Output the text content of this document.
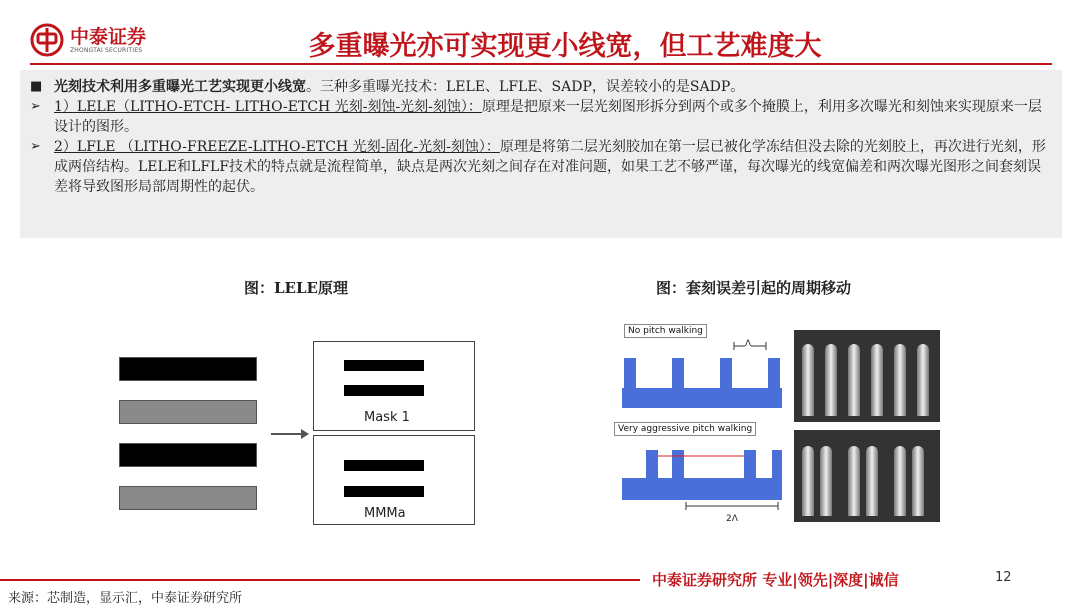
中泰证券
ZHONGTAI SECURITIES	多重曝光亦可实现更小线宽，但工艺难度大
■ 光刻技术利用多重曝光工艺实现更小线宽。三种多重曝光技术：LELE、LFLE、SADP，误差较小的是SADP。
➢ 1）LELE（LITHO-ETCH- LITHO-ETCH 光刻-刻蚀-光刻-刻蚀）：原理是把原来一层光刻图形拆分到两个或多个掩膜上，利用多次曝光和刻蚀来实现原来一层设计的图形。
➢ 2）LFLE （LITHO-FREEZE-LITHO-ETCH 光刻-固化-光刻-刻蚀）：原理是将第二层光刻胶加在第一层已被化学冻结但没去除的光刻胶上，再次进行光刻，形成两倍结构。LELE和LFLF技术的特点就是流程简单，缺点是两次光刻之间存在对准问题，如果工艺不够严谨，每次曝光的线宽偏差和两次曝光图形之间套刻误差将导致图形局部周期性的起伏。
图：LELE原理	图：套刻误差引起的周期移动
Mask 1
MMMa
No pitch walking
Very aggressive pitch walking
Λ
Λ+P	Λ-P
2Λ
中泰证券研究所 专业|领先|深度|诚信	12
来源：芯制造，显示汇，中泰证券研究所
